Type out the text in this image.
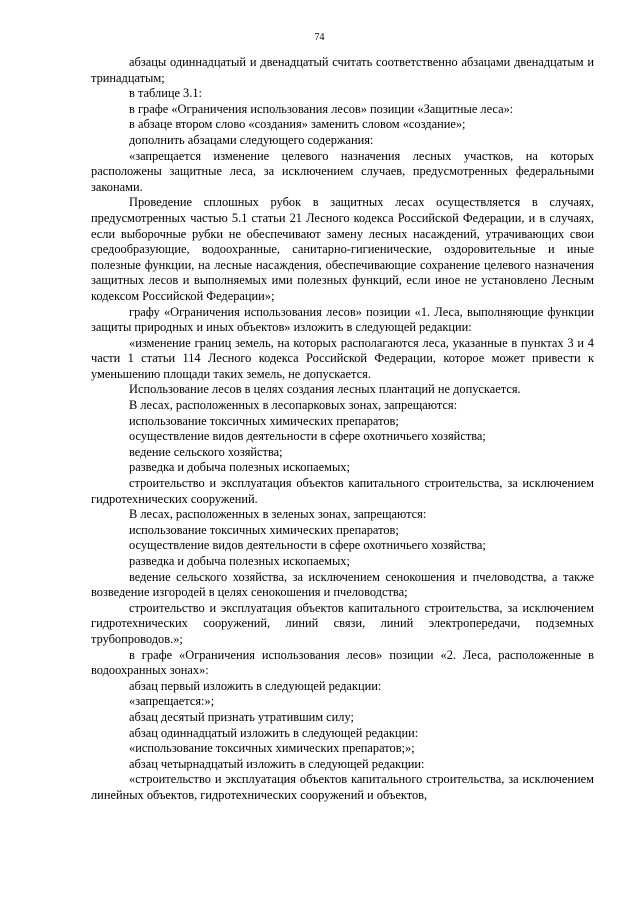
74

абзацы одиннадцатый и двенадцатый считать соответственно абзацами двенадцатым и тринадцатым;

в таблице 3.1:

в графе «Ограничения использования лесов» позиции «Защитные леса»:

в абзаце втором слово «создания» заменить словом «создание»;

дополнить абзацами следующего содержания:

«запрещается изменение целевого назначения лесных участков, на которых расположены защитные леса, за исключением случаев, предусмотренных федеральными законами.

Проведение сплошных рубок в защитных лесах осуществляется в случаях, предусмотренных частью 5.1 статьи 21 Лесного кодекса Российской Федерации, и в случаях, если выборочные рубки не обеспечивают замену лесных насаждений, утрачивающих свои средообразующие, водоохранные, санитарно-гигиенические, оздоровительные и иные полезные функции, на лесные насаждения, обеспечивающие сохранение целевого назначения защитных лесов и выполняемых ими полезных функций, если иное не установлено Лесным кодексом Российской Федерации»;

графу «Ограничения использования лесов» позиции «1. Леса, выполняющие функции защиты природных и иных объектов» изложить в следующей редакции:

«изменение границ земель, на которых располагаются леса, указанные в пунктах 3 и 4 части 1 статьи 114 Лесного кодекса Российской Федерации, которое может привести к уменьшению площади таких земель, не допускается.

Использование лесов в целях создания лесных плантаций не допускается.

В лесах, расположенных в лесопарковых зонах, запрещаются:

использование токсичных химических препаратов;

осуществление видов деятельности в сфере охотничьего хозяйства;

ведение сельского хозяйства;

разведка и добыча полезных ископаемых;

строительство и эксплуатация объектов капитального строительства, за исключением гидротехнических сооружений.

В лесах, расположенных в зеленых зонах, запрещаются:

использование токсичных химических препаратов;

осуществление видов деятельности в сфере охотничьего хозяйства;

разведка и добыча полезных ископаемых;

ведение сельского хозяйства, за исключением сенокошения и пчеловодства, а также возведение изгородей в целях сенокошения и пчеловодства;

строительство и эксплуатация объектов капитального строительства, за исключением гидротехнических сооружений, линий связи, линий электропередачи, подземных трубопроводов.»;

в графе «Ограничения использования лесов» позиции «2. Леса, расположенные в водоохранных зонах»:

абзац первый изложить в следующей редакции:

«запрещается:»;

абзац десятый признать утратившим силу;

абзац одиннадцатый изложить в следующей редакции:

«использование токсичных химических препаратов;»;

абзац четырнадцатый изложить в следующей редакции:

«строительство и эксплуатация объектов капитального строительства, за исключением линейных объектов, гидротехнических сооружений и объектов,
